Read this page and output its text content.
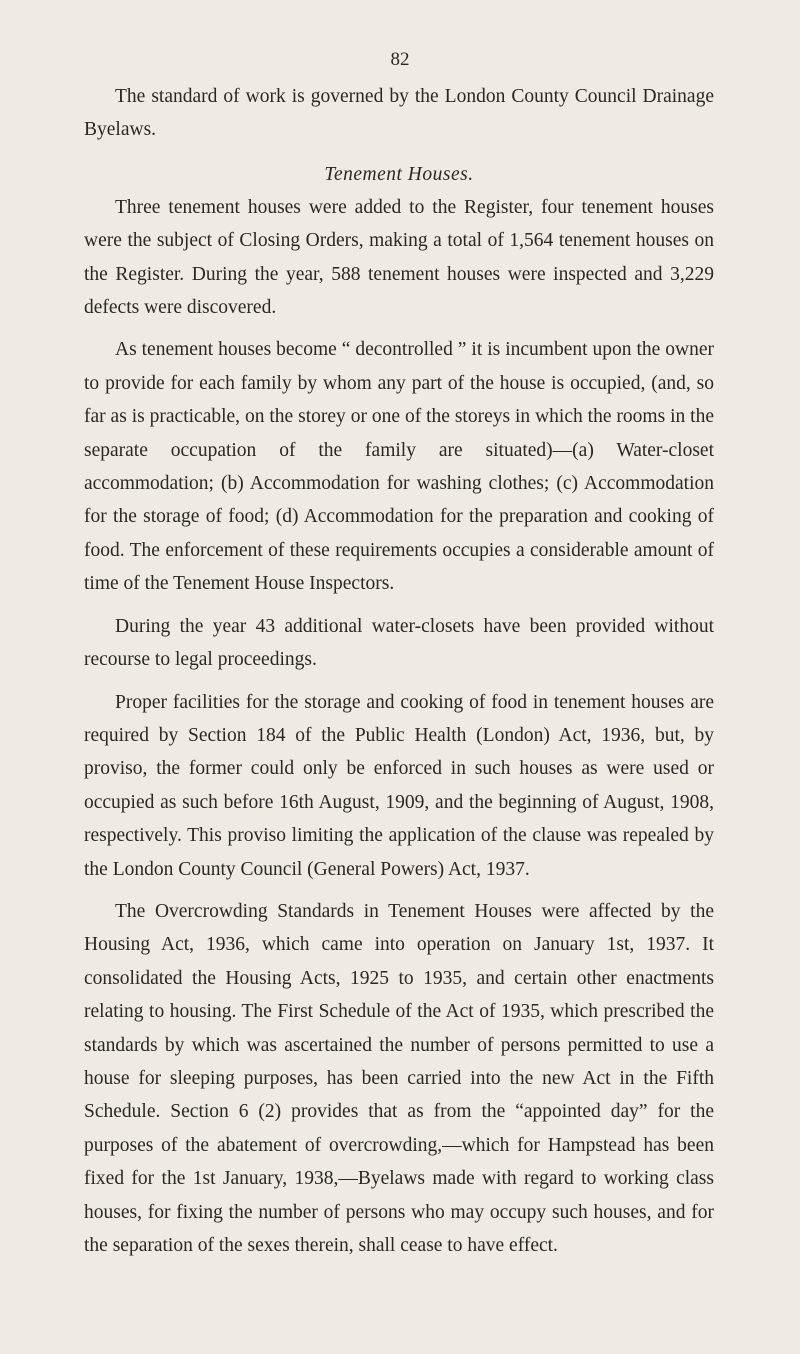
82

The standard of work is governed by the London County Council Drainage Byelaws.

Tenement Houses.

Three tenement houses were added to the Register, four tenement houses were the subject of Closing Orders, making a total of 1,564 tenement houses on the Register. During the year, 588 tenement houses were inspected and 3,229 defects were discovered.

As tenement houses become “ decontrolled ” it is incumbent upon the owner to provide for each family by whom any part of the house is occupied, (and, so far as is practicable, on the storey or one of the storeys in which the rooms in the separate occupation of the family are situated)—(a) Water-closet accommodation; (b) Accommodation for washing clothes; (c) Accommodation for the storage of food; (d) Accommodation for the preparation and cooking of food. The enforcement of these requirements occupies a considerable amount of time of the Tenement House Inspectors.

During the year 43 additional water-closets have been provided without recourse to legal proceedings.

Proper facilities for the storage and cooking of food in tenement houses are required by Section 184 of the Public Health (London) Act, 1936, but, by proviso, the former could only be enforced in such houses as were used or occupied as such before 16th August, 1909, and the beginning of August, 1908, respectively. This proviso limiting the application of the clause was repealed by the London County Council (General Powers) Act, 1937.

The Overcrowding Standards in Tenement Houses were affected by the Housing Act, 1936, which came into operation on January 1st, 1937. It consolidated the Housing Acts, 1925 to 1935, and certain other enactments relating to housing. The First Schedule of the Act of 1935, which prescribed the standards by which was ascertained the number of persons permitted to use a house for sleeping purposes, has been carried into the new Act in the Fifth Schedule. Section 6 (2) provides that as from the “appointed day” for the purposes of the abatement of overcrowding,—which for Hampstead has been fixed for the 1st January, 1938,—Byelaws made with regard to working class houses, for fixing the number of persons who may occupy such houses, and for the separation of the sexes therein, shall cease to have effect.
